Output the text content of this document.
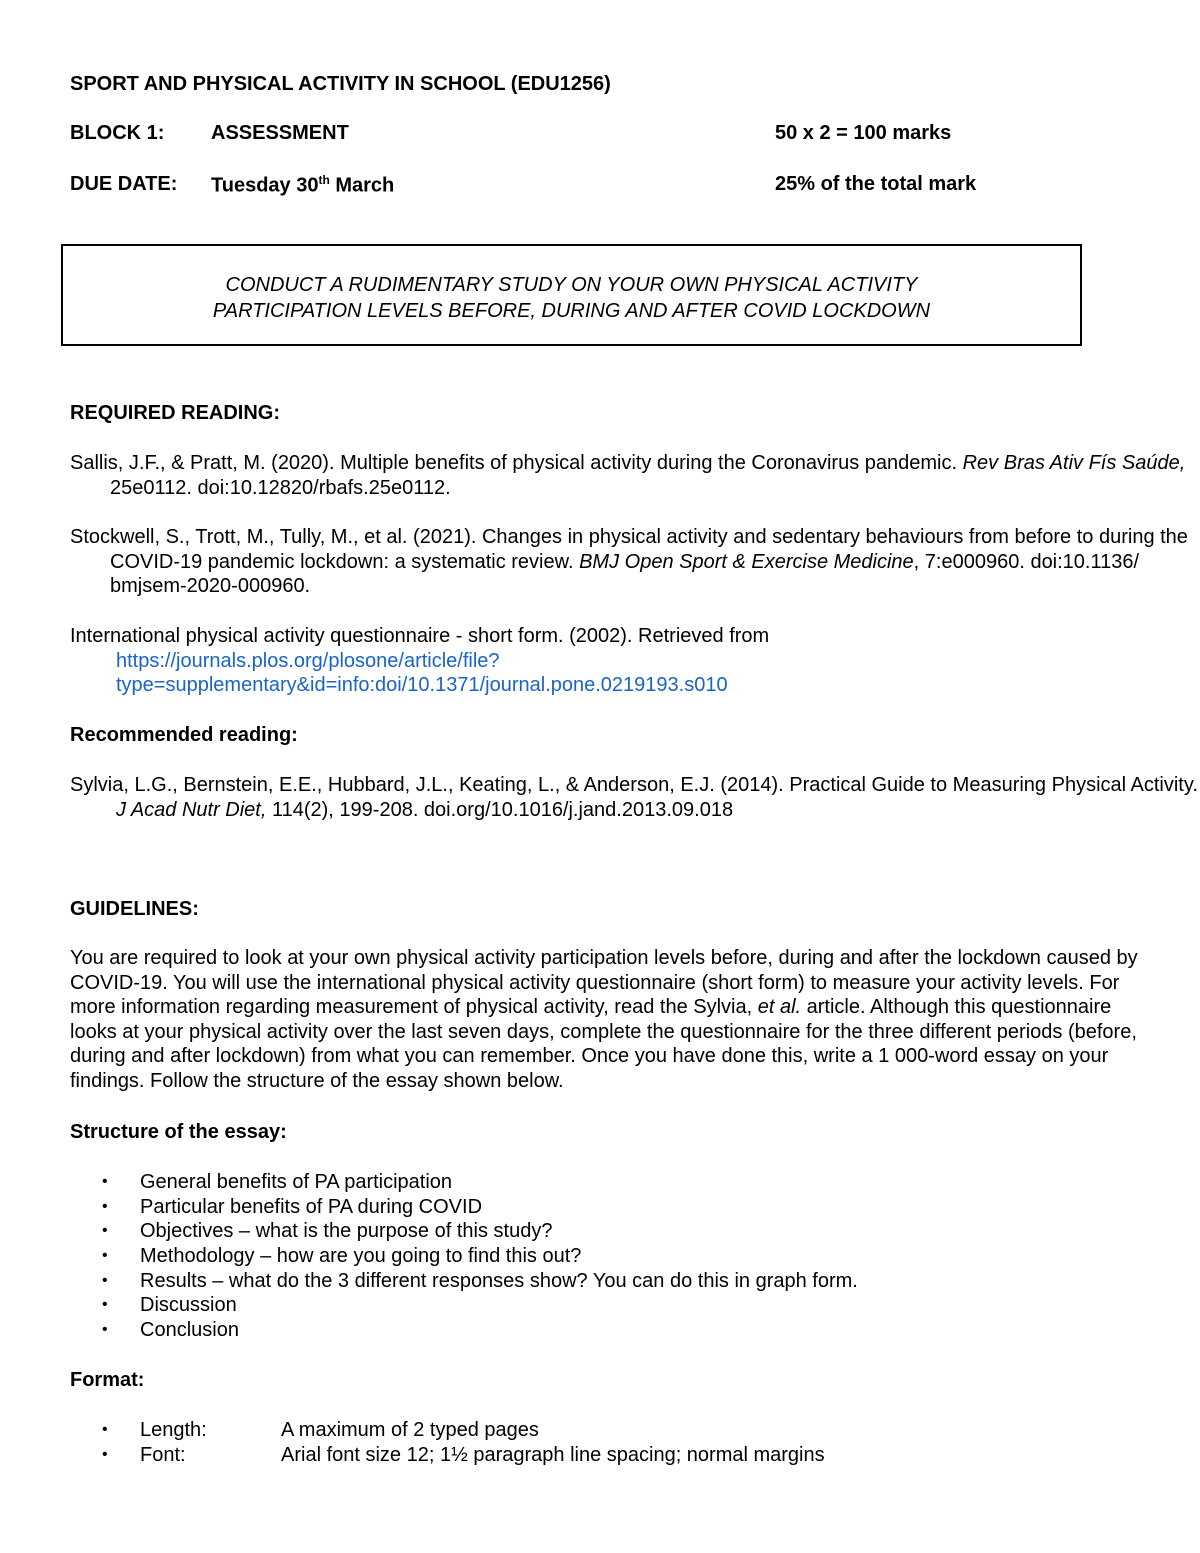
SPORT AND PHYSICAL ACTIVITY IN SCHOOL (EDU1256)
BLOCK 1: ASSESSMENT	50 x 2 = 100 marks
DUE DATE: Tuesday 30th March	25% of the total mark
CONDUCT A RUDIMENTARY STUDY ON YOUR OWN PHYSICAL ACTIVITY
PARTICIPATION LEVELS BEFORE, DURING AND AFTER COVID LOCKDOWN
REQUIRED READING:
Sallis, J.F., & Pratt, M. (2020). Multiple benefits of physical activity during the Coronavirus pandemic. Rev Bras Ativ Fís Saúde, 25e0112. doi:10.12820/rbafs.25e0112.
Stockwell, S., Trott, M., Tully, M., et al. (2021). Changes in physical activity and sedentary behaviours from before to during the COVID-19 pandemic lockdown: a systematic review. BMJ Open Sport & Exercise Medicine, 7:e000960. doi:10.1136/ bmjsem-2020-000960.
International physical activity questionnaire - short form. (2002). Retrieved from
https://journals.plos.org/plosone/article/file?
type=supplementary&id=info:doi/10.1371/journal.pone.0219193.s010
Recommended reading:
Sylvia, L.G., Bernstein, E.E., Hubbard, J.L., Keating, L., & Anderson, E.J. (2014). Practical Guide to Measuring Physical Activity. J Acad Nutr Diet, 114(2), 199-208. doi.org/10.1016/j.jand.2013.09.018
GUIDELINES:
You are required to look at your own physical activity participation levels before, during and after the lockdown caused by COVID-19. You will use the international physical activity questionnaire (short form) to measure your activity levels. For more information regarding measurement of physical activity, read the Sylvia, et al. article. Although this questionnaire looks at your physical activity over the last seven days, complete the questionnaire for the three different periods (before, during and after lockdown) from what you can remember. Once you have done this, write a 1 000-word essay on your findings. Follow the structure of the essay shown below.
Structure of the essay:
• General benefits of PA participation
• Particular benefits of PA during COVID
• Objectives – what is the purpose of this study?
• Methodology – how are you going to find this out?
• Results – what do the 3 different responses show? You can do this in graph form.
• Discussion
• Conclusion
Format:
• Length:	A maximum of 2 typed pages
• Font:	Arial font size 12; 1½ paragraph line spacing; normal margins
